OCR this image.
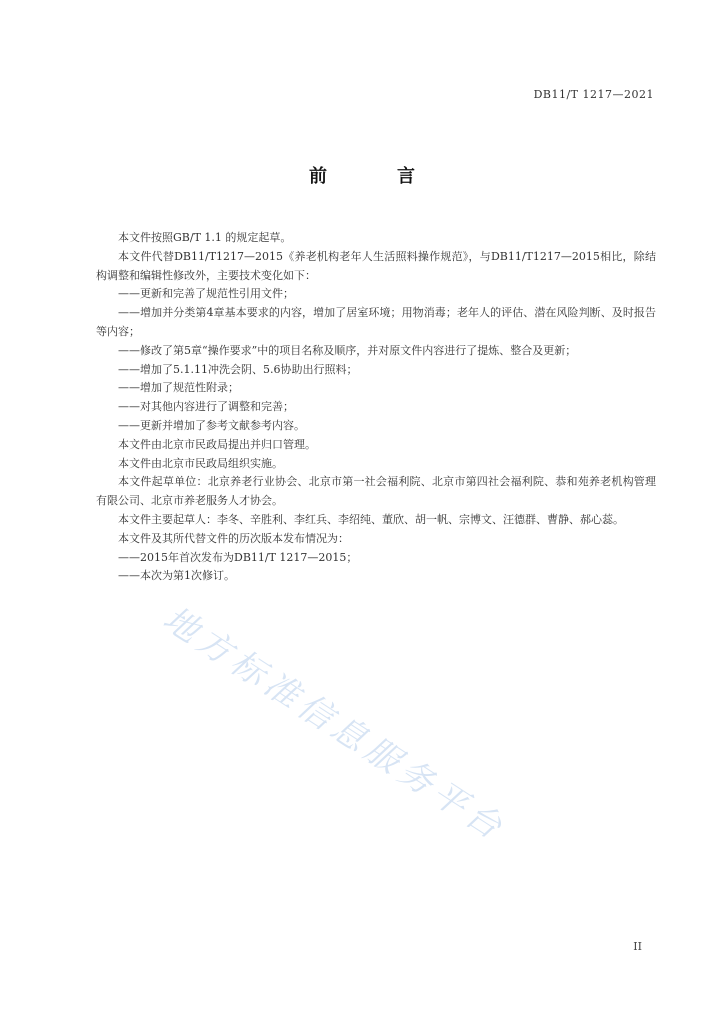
DB11/T 1217—2021
前	言

本文件按照GB/T 1.1 的规定起草。

本文件代替DB11/T1217—2015《养老机构老年人生活照料操作规范》，与DB11/T1217—2015相比，除结构调整和编辑性修改外，主要技术变化如下：

——更新和完善了规范性引用文件；

——增加并分类第4章基本要求的内容，增加了居室环境；用物消毒；老年人的评估、潜在风险判断、及时报告等内容；

——修改了第5章“操作要求”中的项目名称及顺序，并对原文件内容进行了提炼、整合及更新；

——增加了5.1.11冲洗会阴、5.6协助出行照料；

——增加了规范性附录；

——对其他内容进行了调整和完善；

——更新并增加了参考文献参考内容。

本文件由北京市民政局提出并归口管理。

本文件由北京市民政局组织实施。

本文件起草单位：北京养老行业协会、北京市第一社会福利院、北京市第四社会福利院、恭和苑养老机构管理有限公司、北京市养老服务人才协会。

本文件主要起草人：李冬、辛胜利、李红兵、李绍纯、董欣、胡一帆、宗博文、汪德群、曹静、郝心蕊。

本文件及其所代替文件的历次版本发布情况为：

——2015年首次发布为DB11/T 1217—2015；

——本次为第1次修订。

地方标准信息服务平台
II
